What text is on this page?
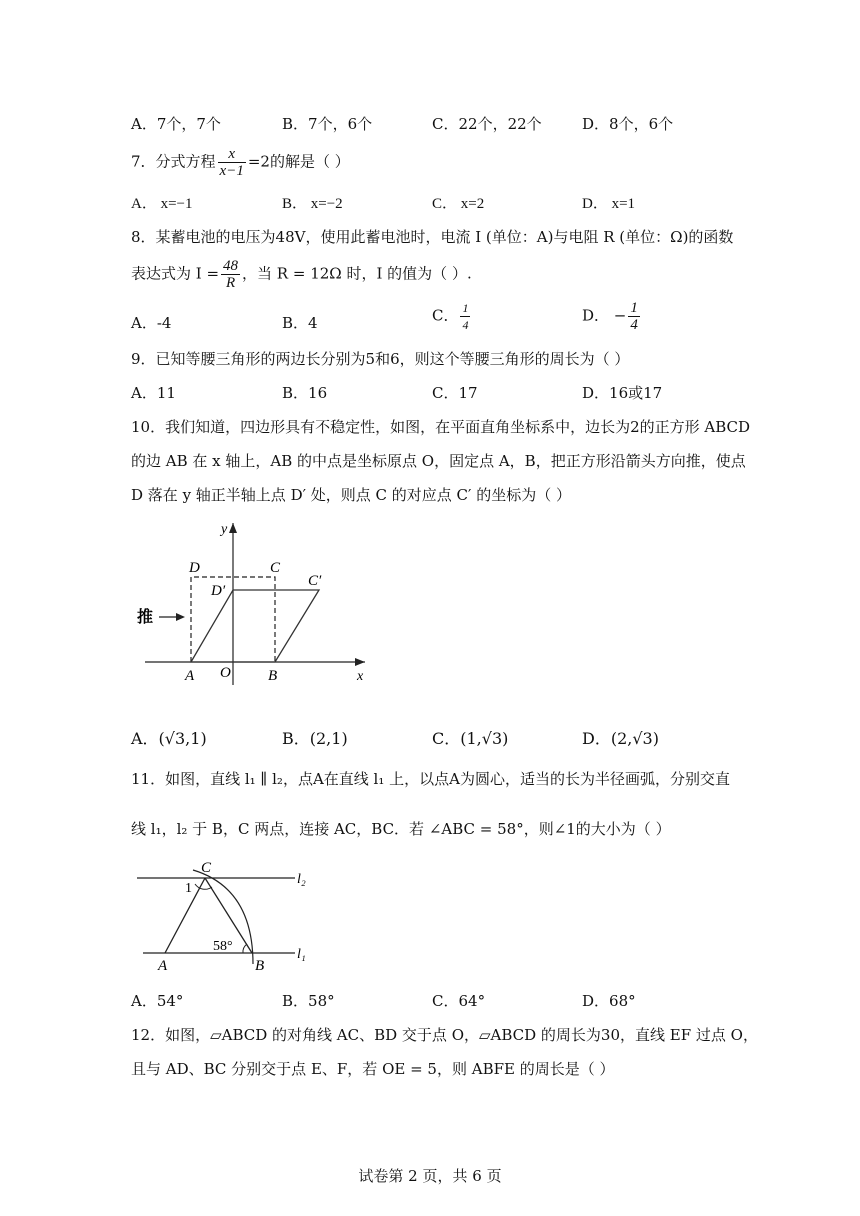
A．7个，7个	B．7个，6个	C．22个，22个	D．8个，6个
7．分式方程 $\frac{x}{x-1} =2$的解是（ ）
A． x=−1	B． x=−2	C． x=2	D． x=1
8．某蓄电池的电压为48V，使用此蓄电池时，电流 I (单位：A)与电阻 R (单位：Ω)的函数
表达式为 $I = \frac{48}{R}$ ，当 R = 12Ω 时，I 的值为（ ）.
A．-4	B．4	C． $\frac{1}{4}$	D． − $\frac{1}{4}$
9．已知等腰三角形的两边长分别为5和6，则这个等腰三角形的周长为（ ）
A．11	B．16	C．17	D．16或17
10．我们知道，四边形具有不稳定性，如图，在平面直角坐标系中，边长为2的正方形 ABCD
的边 AB 在 x 轴上，AB 的中点是坐标原点 O，固定点 A，B，把正方形沿箭头方向推，使点
D 落在 y 轴正半轴上点 D′ 处，则点 C 的对应点 C′ 的坐标为（ ）
y
x
D	C
C′
D′
推
A O B
A．(√3,1)	B．(2,1)	C．(1,√3)	D．(2,√3)
11．如图，直线 l₁ ∥ l₂，点A在直线 l₁ 上，以点A为圆心，适当的长为半径画弧，分别交直
线 l₁，l₂ 于 B，C 两点，连接 AC，BC．若 ∠ABC = 58°，则∠1的大小为（ ）
C
1
l₂
58°
A	B
l₁
A．54°	B．58°	C．64°	D．68°
12．如图，▱ABCD 的对角线 AC、BD 交于点 O，▱ABCD 的周长为30，直线 EF 过点 O，
且与 AD、BC 分别交于点 E、F，若 OE = 5，则 ABFE 的周长是（ ）
试卷第 2 页，共 6 页
